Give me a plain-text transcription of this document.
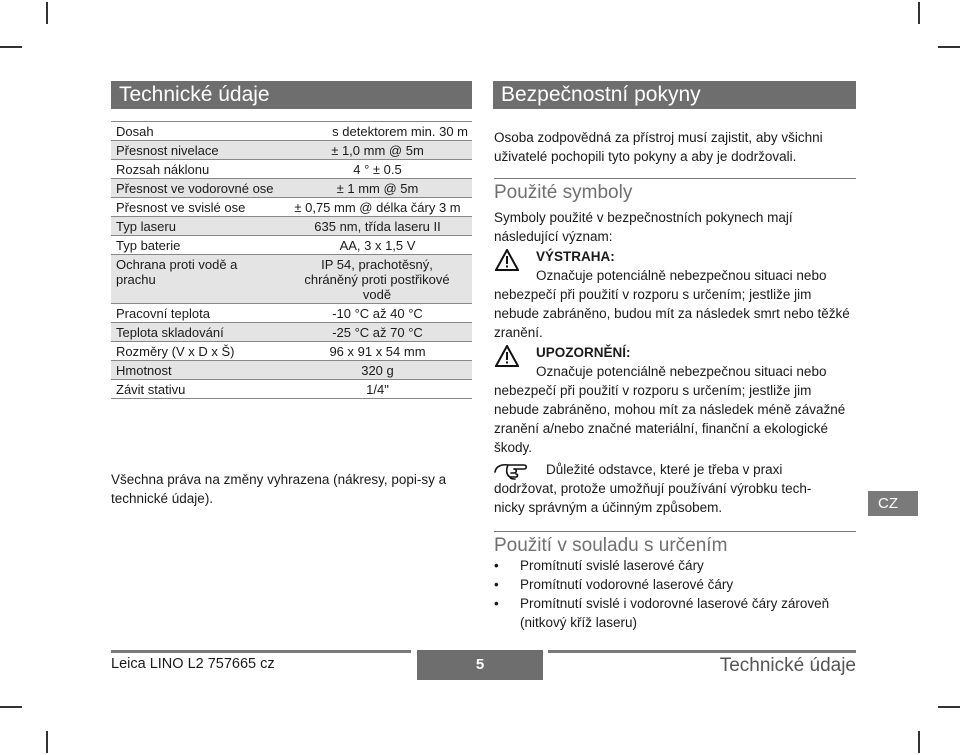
Technické údaje
Dosah	s detektorem min. 30 m
Přesnost nivelace	± 1,0 mm @ 5m
Rozsah náklonu	4 ° ± 0.5
Přesnost ve vodorovné ose	± 1 mm @ 5m
Přesnost ve svislé ose	± 0,75 mm @ délka čáry 3 m
Typ laseru	635 nm, třída laseru II
Typ baterie	AA, 3 x 1,5 V
Ochrana proti vodě a prachu	IP 54, prachotěsný, chráněný proti postřikové vodě
Pracovní teplota	-10 °C až 40 °C
Teplota skladování	-25 °C až 70 °C
Rozměry (V x D x Š)	96 x 91 x 54 mm
Hmotnost	320 g
Závit stativu	1/4"
Všechna práva na změny vyhrazena (nákresy, popi-sy a technické údaje).
Bezpečnostní pokyny
Osoba zodpovědná za přístroj musí zajistit, aby všichni uživatelé pochopili tyto pokyny a aby je dodržovali.
Použité symboly
Symboly použité v bezpečnostních pokynech mají následující význam:
VÝSTRAHA:
Označuje potenciálně nebezpečnou situaci nebo nebezpečí při použití v rozporu s určením; jestliže jim nebude zabráněno, budou mít za následek smrt nebo těžké zranění.
UPOZORNĚNÍ:
Označuje potenciálně nebezpečnou situaci nebo nebezpečí při použití v rozporu s určením; jestliže jim nebude zabráněno, mohou mít za následek méně závažné zranění a/nebo značné materiální, finanční a ekologické škody.
Důležité odstavce, které je třeba v praxi dodržovat, protože umožňují používání výrobku tech-nicky správným a účinným způsobem.
Použití v souladu s určením
• Promítnutí svislé laserové čáry
• Promítnutí vodorovné laserové čáry
• Promítnutí svislé i vodorovné laserové čáry zároveň (nitkový kříž laseru)
CZ
Leica LINO L2 757665 cz	5	Technické údaje
